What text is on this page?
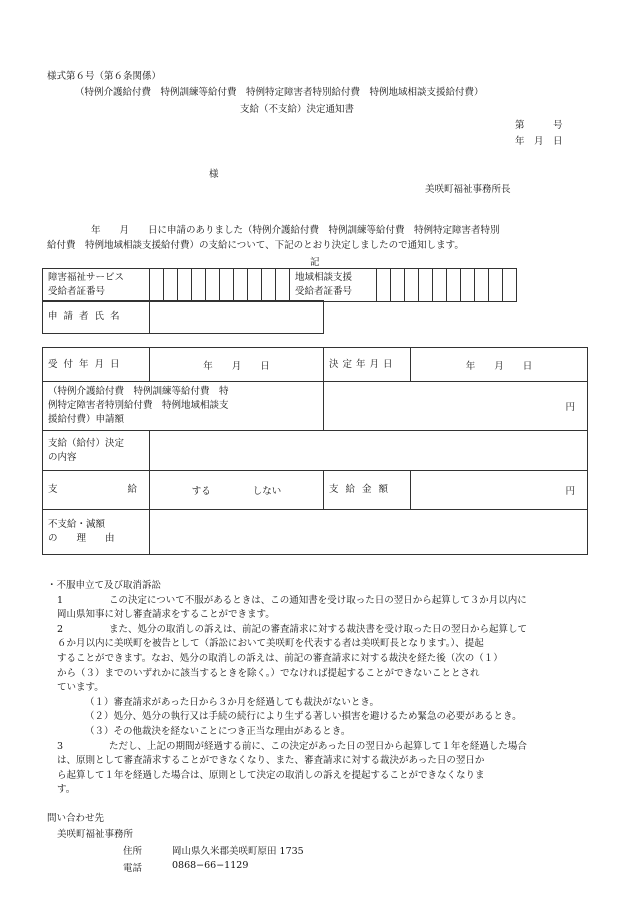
様式第６号（第６条関係）
（特例介護給付費　特例訓練等給付費　特例特定障害者特別給付費　特例地域相談支援給付費）
支給（不支給）決定通知書
第　　　号
年　月　日
様
美咲町福祉事務所長
年　　月　　日に申請のありました（特例介護給付費　特例訓練等給付費　特例特定障害者特別
給付費　特例地域相談支援給付費）の支給について、下記のとおり決定しましたので通知します。
記
障害福祉サービス
受給者証番号

地域相談支援
受給者証番号

申請者氏名	
受付年月日	年　　月　　日	決定年月日	年　　月　　日

（特例介護給付費　特例訓練等給付費　特
例特定障害者特別給付費　特例地域相談支
援給付費）申請額		円	

支給（給付）決定
の内容			

支 給	する しない	支給金額	円

不支給・減額
の　　理　　由			

・不服申立て及び取消訴訟

1	この決定について不服があるときは、この通知書を受け取った日の翌日から起算して３か月以内に

岡山県知事に対し審査請求をすることができます。

2	また、処分の取消しの訴えは、前記の審査請求に対する裁決書を受け取った日の翌日から起算して

６か月以内に美咲町を被告として（訴訟において美咲町を代表する者は美咲町長となります。）、提起

することができます。なお、処分の取消しの訴えは、前記の審査請求に対する裁決を経た後（次の（１）

から（３）までのいずれかに該当するときを除く。）でなければ提起することができないこととされ

ています。

（１）審査請求があった日から３か月を経過しても裁決がないとき。

（２）処分、処分の執行又は手続の続行により生ずる著しい損害を避けるため緊急の必要があるとき。

（３）その他裁決を経ないことにつき正当な理由があるとき。

3	ただし、上記の期間が経過する前に、この決定があった日の翌日から起算して１年を経過した場合

は、原則として審査請求することができなくなり、また、審査請求に対する裁決があった日の翌日か

ら起算して１年を経過した場合は、原則として決定の取消しの訴えを提起することができなくなりま

す。

問い合わせ先
美咲町福祉事務所
住所	岡山県久米郡美咲町原田 1735
電話	0868−66−1129
